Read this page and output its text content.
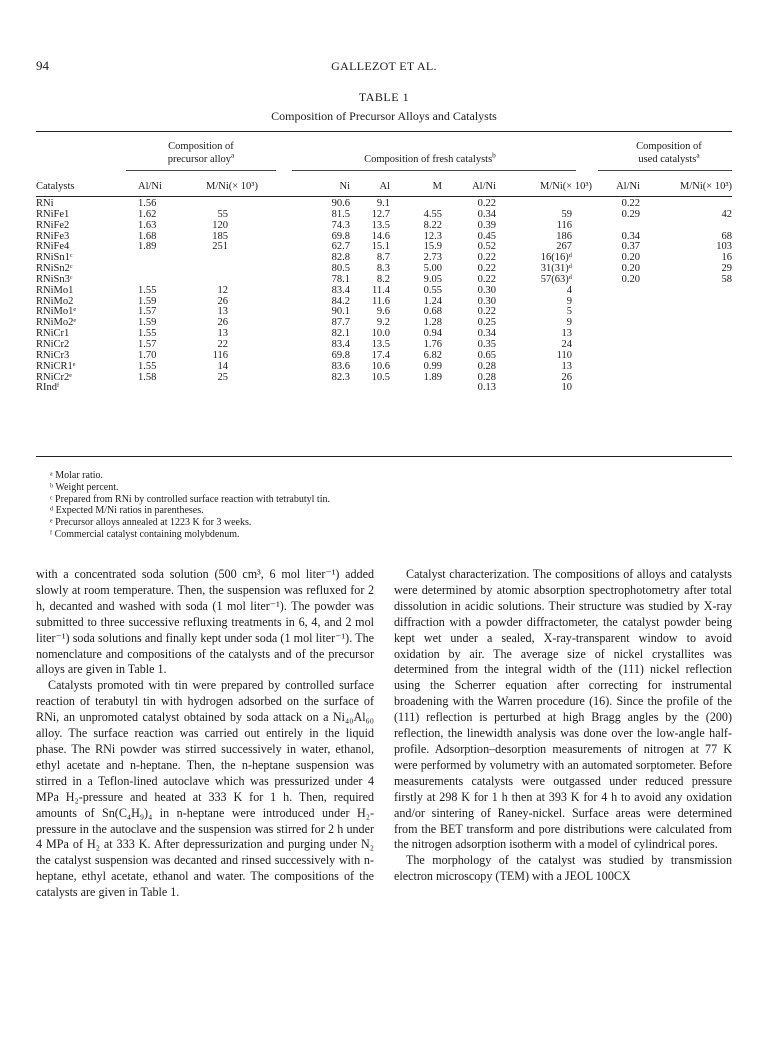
94	GALLEZOT ET AL.
TABLE 1
Composition of Precursor Alloys and Catalysts
Composition of
precursor alloy$^a$	Composition of fresh catalysts$^b$
Composition of
used catalysts$^a$
Catalysts	Al/Ni	M/Ni(× 10³)	Ni	Al	M	Al/Ni	M/Ni(× 10³)	Al/Ni	M/Ni(× 10³)
RNi	1.56		90.6	9.1		0.22		0.22	
RNiFe1	1.62	55	81.5	12.7	4.55	0.34	59	0.29	42
RNiFe2	1.63	120	74.3	13.5	8.22	0.39	116		
RNiFe3	1.68	185	69.8	14.6	12.3	0.45	186	0.34	68
RNiFe4	1.89	251	62.7	15.1	15.9	0.52	267	0.37	103
RNiSn1ᶜ			82.8	8.7	2.73	0.22	16(16)ᵈ	0.20	16
RNiSn2ᶜ			80.5	8.3	5.00	0.22	31(31)ᵈ	0.20	29
RNiSn3ᶜ			78.1	8.2	9.05	0.22	57(63)ᵈ	0.20	58
RNiMo1	1.55	12	83.4	11.4	0.55	0.30	4		
RNiMo2	1.59	26	84.2	11.6	1.24	0.30	9		
RNiMo1ᵉ	1.57	13	90.1	9.6	0.68	0.22	5		
RNiMo2ᵉ	1.59	26	87.7	9.2	1.28	0.25	9		
RNiCr1	1.55	13	82.1	10.0	0.94	0.34	13		
RNiCr2	1.57	22	83.4	13.5	1.76	0.35	24		
RNiCr3	1.70	116	69.8	17.4	6.82	0.65	110		
RNiCR1ᵉ	1.55	14	83.6	10.6	0.99	0.28	13		
RNiCr2ᵉ	1.58	25	82.3	10.5	1.89	0.28	26		
RIndᶠ						0.13	10		
ᵃ Molar ratio.
ᵇ Weight percent.
ᶜ Prepared from RNi by controlled surface reaction with tetrabutyl tin.
ᵈ Expected M/Ni ratios in parentheses.
ᵉ Precursor alloys annealed at 1223 K for 3 weeks.
ᶠ Commercial catalyst containing molybdenum.

with a concentrated soda solution (500 cm³, 6 mol liter⁻¹) added slowly at room temperature. Then, the suspension was refluxed for 2 h, decanted and washed with soda (1 mol liter⁻¹). The powder was submitted to three successive refluxing treatments in 6, 4, and 2 mol liter⁻¹) soda solutions and finally kept under soda (1 mol liter⁻¹). The nomenclature and compositions of the catalysts and of the precursor alloys are given in Table 1.

Catalysts promoted with tin were prepared by controlled surface reaction of terabutyl tin with hydrogen adsorbed on the surface of RNi, an unpromoted catalyst obtained by soda attack on a Ni₄₀Al₆₀ alloy. The surface reaction was carried out entirely in the liquid phase. The RNi powder was stirred successively in water, ethanol, ethyl acetate and n-heptane. Then, the n-heptane suspension was stirred in a Teflon-lined autoclave which was pressurized under 4 MPa H₂-pressure and heated at 333 K for 1 h. Then, required amounts of Sn(C₄H₉)₄ in n-heptane were introduced under H₂-pressure in the autoclave and the suspension was stirred for 2 h under 4 MPa of H₂ at 333 K. After depressurization and purging under N₂ the catalyst suspension was decanted and rinsed successively with n-heptane, ethyl acetate, ethanol and water. The compositions of the catalysts are given in Table 1.

Catalyst characterization. The compositions of alloys and catalysts were determined by atomic absorption spectrophotometry after total dissolution in acidic solutions. Their structure was studied by X-ray diffraction with a powder diffractometer, the catalyst powder being kept wet under a sealed, X-ray-transparent window to avoid oxidation by air. The average size of nickel crystallites was determined from the integral width of the (111) nickel reflection using the Scherrer equation after correcting for instrumental broadening with the Warren procedure (16). Since the profile of the (111) reflection is perturbed at high Bragg angles by the (200) reflection, the linewidth analysis was done over the low-angle half-profile. Adsorption–desorption measurements of nitrogen at 77 K were performed by volumetry with an automated sorptometer. Before measurements catalysts were outgassed under reduced pressure firstly at 298 K for 1 h then at 393 K for 4 h to avoid any oxidation and/or sintering of Raney-nickel. Surface areas were determined from the BET transform and pore distributions were calculated from the nitrogen adsorption isotherm with a model of cylindrical pores.

The morphology of the catalyst was studied by transmission electron microscopy (TEM) with a JEOL 100CX
